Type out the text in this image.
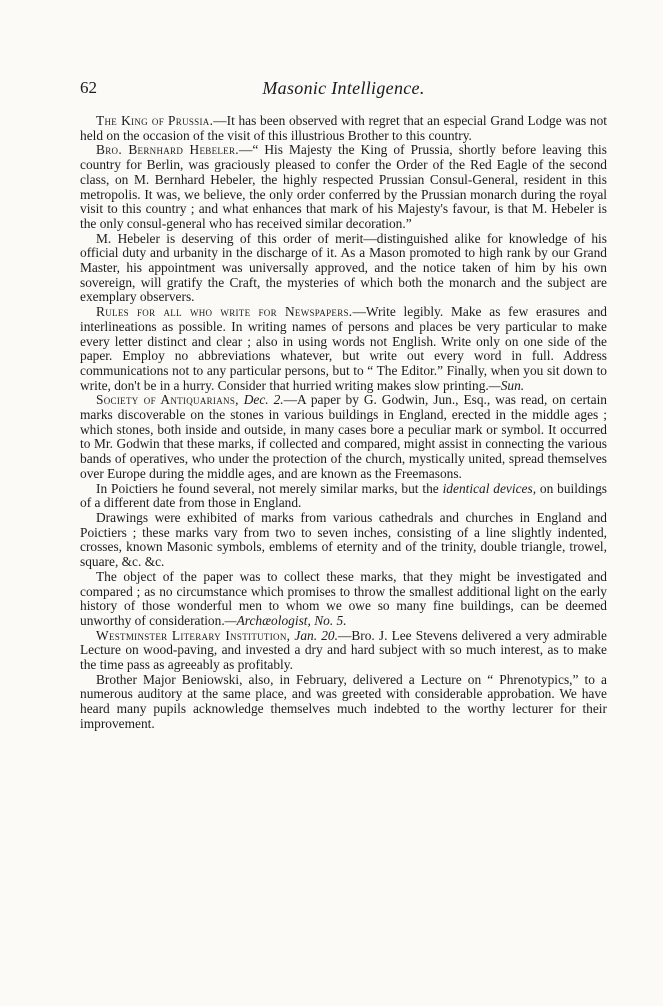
62	Masonic Intelligence.

The King of Prussia.—It has been observed with regret that an especial Grand Lodge was not held on the occasion of the visit of this illustrious Brother to this country.

Bro. Bernhard Hebeler.—“ His Majesty the King of Prussia, shortly before leaving this country for Berlin, was graciously pleased to confer the Order of the Red Eagle of the second class, on M. Bernhard Hebeler, the highly respected Prussian Consul-General, resident in this metropolis. It was, we believe, the only order conferred by the Prussian monarch during the royal visit to this country ; and what enhances that mark of his Majesty's favour, is that M. Hebeler is the only consul-general who has received similar decoration.”

M. Hebeler is deserving of this order of merit—distinguished alike for knowledge of his official duty and urbanity in the discharge of it. As a Mason promoted to high rank by our Grand Master, his appointment was universally approved, and the notice taken of him by his own sovereign, will gratify the Craft, the mysteries of which both the monarch and the subject are exemplary observers.

Rules for all who write for Newspapers.—Write legibly. Make as few erasures and interlineations as possible. In writing names of persons and places be very particular to make every letter distinct and clear ; also in using words not English. Write only on one side of the paper. Employ no abbreviations whatever, but write out every word in full. Address communications not to any particular persons, but to “ The Editor.” Finally, when you sit down to write, don't be in a hurry. Consider that hurried writing makes slow printing.—Sun.

Society of Antiquarians, Dec. 2.—A paper by G. Godwin, Jun., Esq., was read, on certain marks discoverable on the stones in various buildings in England, erected in the middle ages ; which stones, both inside and outside, in many cases bore a peculiar mark or symbol. It occurred to Mr. Godwin that these marks, if collected and compared, might assist in connecting the various bands of operatives, who under the protection of the church, mystically united, spread themselves over Europe during the middle ages, and are known as the Freemasons.

In Poictiers he found several, not merely similar marks, but the identical devices, on buildings of a different date from those in England.

Drawings were exhibited of marks from various cathedrals and churches in England and Poictiers ; these marks vary from two to seven inches, consisting of a line slightly indented, crosses, known Masonic symbols, emblems of eternity and of the trinity, double triangle, trowel, square, &c. &c.

The object of the paper was to collect these marks, that they might be investigated and compared ; as no circumstance which promises to throw the smallest additional light on the early history of those wonderful men to whom we owe so many fine buildings, can be deemed unworthy of consideration.—Archæologist, No. 5.

Westminster Literary Institution, Jan. 20.—Bro. J. Lee Stevens delivered a very admirable Lecture on wood-paving, and invested a dry and hard subject with so much interest, as to make the time pass as agreeably as profitably.

Brother Major Beniowski, also, in February, delivered a Lecture on “ Phrenotypics,” to a numerous auditory at the same place, and was greeted with considerable approbation. We have heard many pupils acknowledge themselves much indebted to the worthy lecturer for their improvement.
